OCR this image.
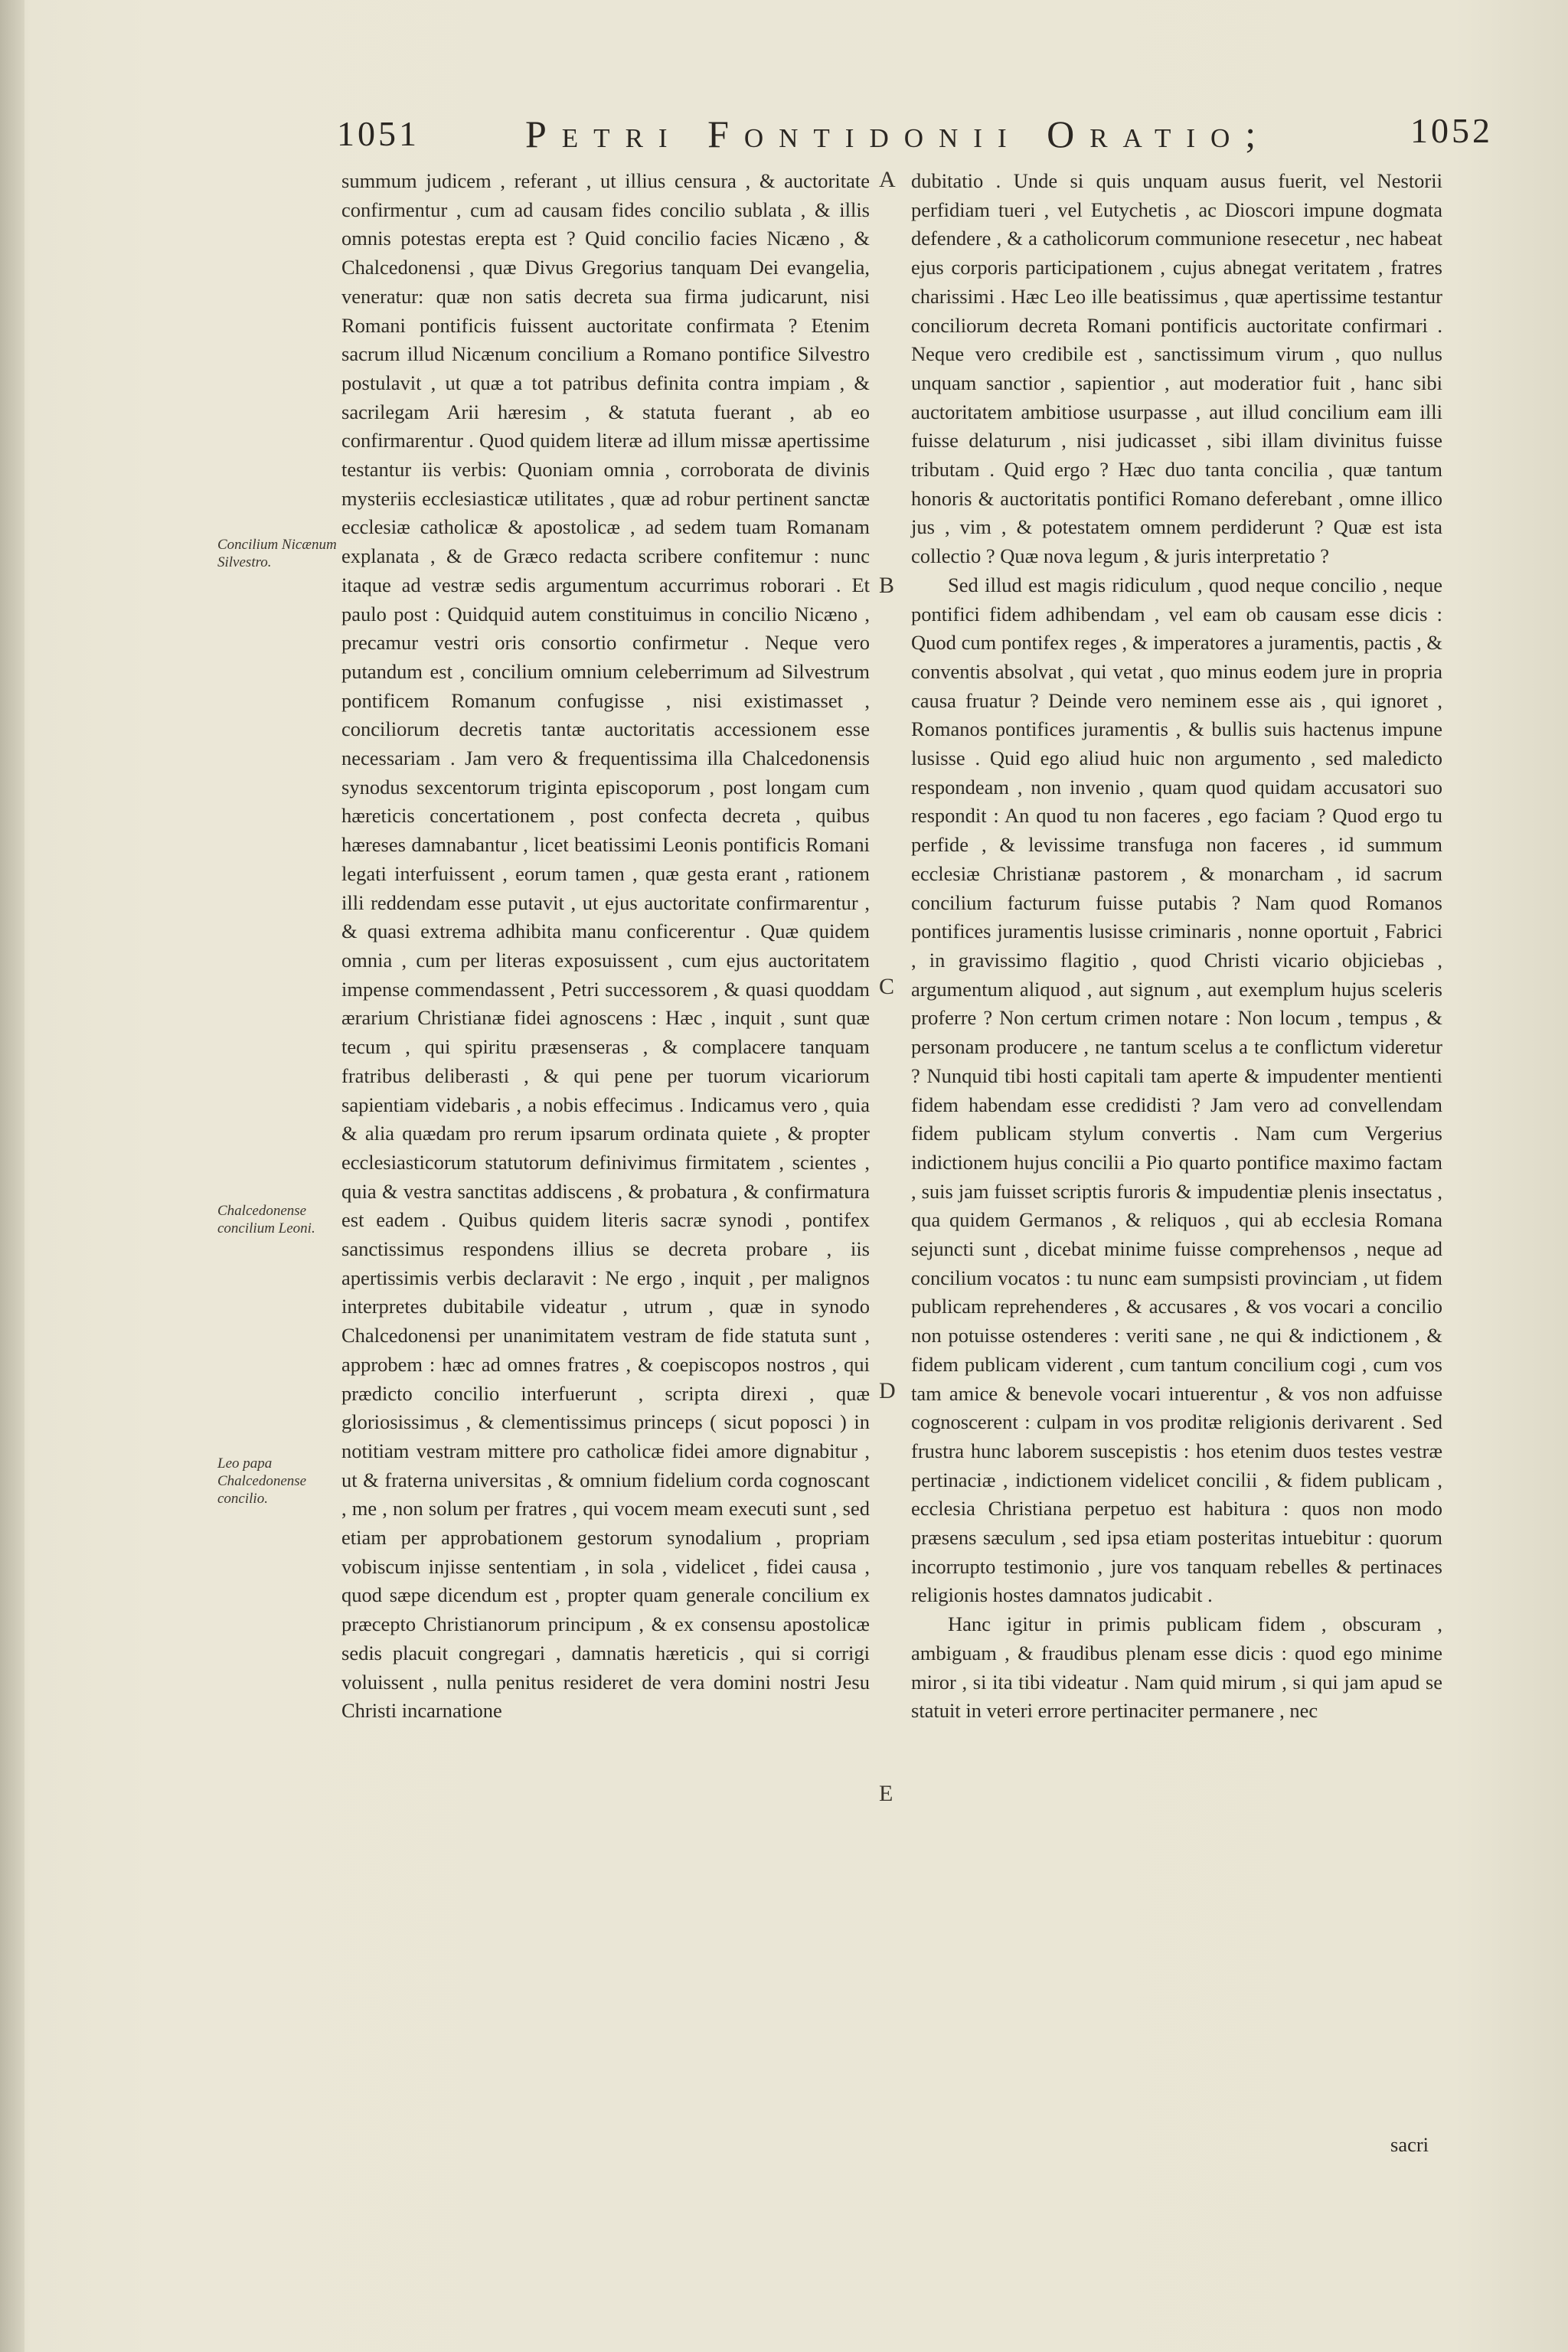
1051	Petri Fontidonii Oratio;	1052
Concilium Nicænum Silvestro.
Chalcedonense concilium Leoni.
Leo papa Chalcedonense concilio.
A
B
C
D
E

summum judicem , referant , ut illius censura , & auctoritate confirmentur , cum ad causam fides concilio sublata , & illis omnis potestas erepta est ? Quid concilio facies Nicæno , & Chalcedonensi , quæ Divus Gregorius tanquam Dei evangelia, veneratur: quæ non satis decreta sua firma judicarunt, nisi Romani pontificis fuissent auctoritate confirmata ? Etenim sacrum illud Nicænum concilium a Romano pontifice Silvestro postulavit , ut quæ a tot patribus definita contra impiam , & sacrilegam Arii hæresim , & statuta fuerant , ab eo confirmarentur . Quod quidem literæ ad illum missæ apertissime testantur iis verbis: Quoniam omnia , corroborata de divinis mysteriis ecclesiasticæ utilitates , quæ ad robur pertinent sanctæ ecclesiæ catholicæ & apostolicæ , ad sedem tuam Romanam explanata , & de Græco redacta scribere confitemur : nunc itaque ad vestræ sedis argumentum accurrimus roborari . Et paulo post : Quidquid autem constituimus in concilio Nicæno , precamur vestri oris consortio confirmetur . Neque vero putandum est , concilium omnium celeberrimum ad Silvestrum pontificem Romanum confugisse , nisi existimasset , conciliorum decretis tantæ auctoritatis accessionem esse necessariam . Jam vero & frequentissima illa Chalcedonensis synodus sexcentorum triginta episcoporum , post longam cum hæreticis concertationem , post confecta decreta , quibus hæreses damnabantur , licet beatissimi Leonis pontificis Romani legati interfuissent , eorum tamen , quæ gesta erant , rationem illi reddendam esse putavit , ut ejus auctoritate confirmarentur , & quasi extrema adhibita manu conficerentur . Quæ quidem omnia , cum per literas exposuissent , cum ejus auctoritatem impense commendassent , Petri successorem , & quasi quoddam ærarium Christianæ fidei agnoscens : Hæc , inquit , sunt quæ tecum , qui spiritu præsenseras , & complacere tanquam fratribus deliberasti , & qui pene per tuorum vicariorum sapientiam videbaris , a nobis effecimus . Indicamus vero , quia & alia quædam pro rerum ipsarum ordinata quiete , & propter ecclesiasticorum statutorum definivimus firmitatem , scientes , quia & vestra sanctitas addiscens , & probatura , & confirmatura est eadem . Quibus quidem literis sacræ synodi , pontifex sanctissimus respondens illius se decreta probare , iis apertissimis verbis declaravit : Ne ergo , inquit , per malignos interpretes dubitabile videatur , utrum , quæ in synodo Chalcedonensi per unanimitatem vestram de fide statuta sunt , approbem : hæc ad omnes fratres , & coepiscopos nostros , qui prædicto concilio interfuerunt , scripta direxi , quæ gloriosissimus , & clementissimus princeps ( sicut poposci ) in notitiam vestram mittere pro catholicæ fidei amore dignabitur , ut & fraterna universitas , & omnium fidelium corda cognoscant , me , non solum per fratres , qui vocem meam executi sunt , sed etiam per approbationem gestorum synodalium , propriam vobiscum injisse sententiam , in sola , videlicet , fidei causa , quod sæpe dicendum est , propter quam generale concilium ex præcepto Christianorum principum , & ex consensu apostolicæ sedis placuit congregari , damnatis hæreticis , qui si corrigi voluissent , nulla penitus resideret de vera domini nostri Jesu Christi incarnatione

dubitatio . Unde si quis unquam ausus fuerit, vel Nestorii perfidiam tueri , vel Eutychetis , ac Dioscori impune dogmata defendere , & a catholicorum communione resecetur , nec habeat ejus corporis participationem , cujus abnegat veritatem , fratres charissimi . Hæc Leo ille beatissimus , quæ apertissime testantur conciliorum decreta Romani pontificis auctoritate confirmari . Neque vero credibile est , sanctissimum virum , quo nullus unquam sanctior , sapientior , aut moderatior fuit , hanc sibi auctoritatem ambitiose usurpasse , aut illud concilium eam illi fuisse delaturum , nisi judicasset , sibi illam divinitus fuisse tributam . Quid ergo ? Hæc duo tanta concilia , quæ tantum honoris & auctoritatis pontifici Romano deferebant , omne illico jus , vim , & potestatem omnem perdiderunt ? Quæ est ista collectio ? Quæ nova legum , & juris interpretatio ?

Sed illud est magis ridiculum , quod neque concilio , neque pontifici fidem adhibendam , vel eam ob causam esse dicis : Quod cum pontifex reges , & imperatores a juramentis, pactis , & conventis absolvat , qui vetat , quo minus eodem jure in propria causa fruatur ? Deinde vero neminem esse ais , qui ignoret , Romanos pontifices juramentis , & bullis suis hactenus impune lusisse . Quid ego aliud huic non argumento , sed maledicto respondeam , non invenio , quam quod quidam accusatori suo respondit : An quod tu non faceres , ego faciam ? Quod ergo tu perfide , & levissime transfuga non faceres , id summum ecclesiæ Christianæ pastorem , & monarcham , id sacrum concilium facturum fuisse putabis ? Nam quod Romanos pontifices juramentis lusisse criminaris , nonne oportuit , Fabrici , in gravissimo flagitio , quod Christi vicario objiciebas , argumentum aliquod , aut signum , aut exemplum hujus sceleris proferre ? Non certum crimen notare : Non locum , tempus , & personam producere , ne tantum scelus a te conflictum videretur ? Nunquid tibi hosti capitali tam aperte & impudenter mentienti fidem habendam esse credidisti ? Jam vero ad convellendam fidem publicam stylum convertis . Nam cum Vergerius indictionem hujus concilii a Pio quarto pontifice maximo factam , suis jam fuisset scriptis furoris & impudentiæ plenis insectatus , qua quidem Germanos , & reliquos , qui ab ecclesia Romana sejuncti sunt , dicebat minime fuisse comprehensos , neque ad concilium vocatos : tu nunc eam sumpsisti provinciam , ut fidem publicam reprehenderes , & accusares , & vos vocari a concilio non potuisse ostenderes : veriti sane , ne qui & indictionem , & fidem publicam viderent , cum tantum concilium cogi , cum vos tam amice & benevole vocari intuerentur , & vos non adfuisse cognoscerent : culpam in vos proditæ religionis derivarent . Sed frustra hunc laborem suscepistis : hos etenim duos testes vestræ pertinaciæ , indictionem videlicet concilii , & fidem publicam , ecclesia Christiana perpetuo est habitura : quos non modo præsens sæculum , sed ipsa etiam posteritas intuebitur : quorum incorrupto testimonio , jure vos tanquam rebelles & pertinaces religionis hostes damnatos judicabit .

Hanc igitur in primis publicam fidem , obscuram , ambiguam , & fraudibus plenam esse dicis : quod ego minime miror , si ita tibi videatur . Nam quid mirum , si qui jam apud se statuit in veteri errore pertinaciter permanere , nec

sacri
